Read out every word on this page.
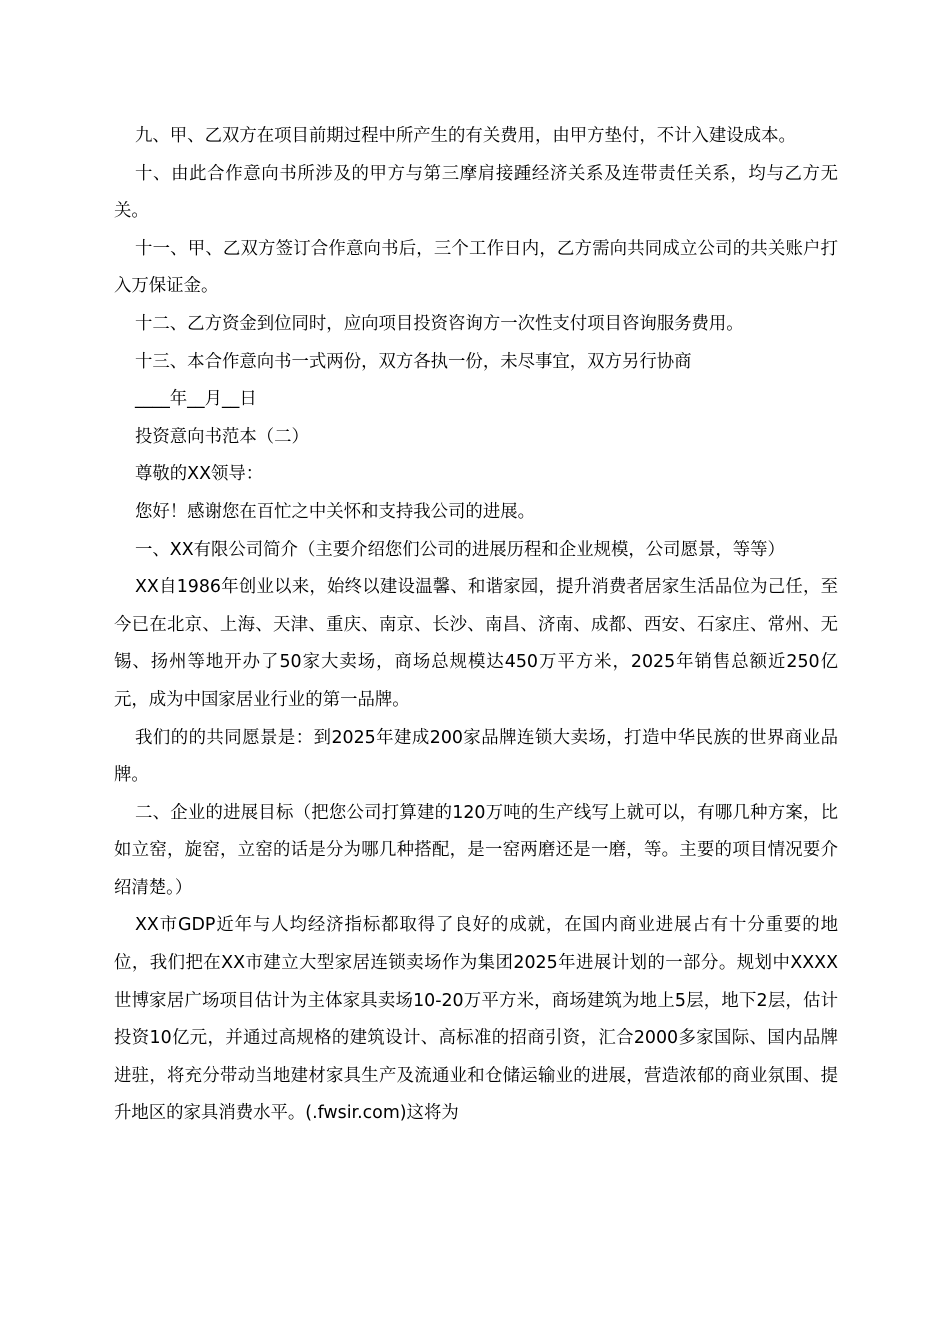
九、甲、乙双方在项目前期过程中所产生的有关费用，由甲方垫付，不计入建设成本。

十、由此合作意向书所涉及的甲方与第三摩肩接踵经济关系及连带责任关系，均与乙方无关。

十一、甲、乙双方签订合作意向书后，三个工作日内，乙方需向共同成立公司的共关账户打入万保证金。

十二、乙方资金到位同时，应向项目投资咨询方一次性支付项目咨询服务费用。

十三、本合作意向书一式两份，双方各执一份，未尽事宜，双方另行协商

____年__月__日

投资意向书范本（二）

尊敬的XX领导：

您好！感谢您在百忙之中关怀和支持我公司的进展。

一、XX有限公司简介（主要介绍您们公司的进展历程和企业规模，公司愿景，等等）

XX自1986年创业以来，始终以建设温馨、和谐家园，提升消费者居家生活品位为己任，至今已在北京、上海、天津、重庆、南京、长沙、南昌、济南、成都、西安、石家庄、常州、无锡、扬州等地开办了50家大卖场，商场总规模达450万平方米，2025年销售总额近250亿元，成为中国家居业行业的第一品牌。

我们的的共同愿景是：到2025年建成200家品牌连锁大卖场，打造中华民族的世界商业品牌。

二、企业的进展目标（把您公司打算建的120万吨的生产线写上就可以，有哪几种方案，比如立窑，旋窑，立窑的话是分为哪几种搭配，是一窑两磨还是一磨，等。主要的项目情况要介绍清楚。）

XX市GDP近年与人均经济指标都取得了良好的成就，在国内商业进展占有十分重要的地位，我们把在XX市建立大型家居连锁卖场作为集团2025年进展计划的一部分。规划中XXXX世博家居广场项目估计为主体家具卖场10-20万平方米，商场建筑为地上5层，地下2层，估计投资10亿元，并通过高规格的建筑设计、高标准的招商引资，汇合2000多家国际、国内品牌进驻，将充分带动当地建材家具生产及流通业和仓储运输业的进展，营造浓郁的商业氛围、提升地区的家具消费水平。(.fwsir.com)这将为
